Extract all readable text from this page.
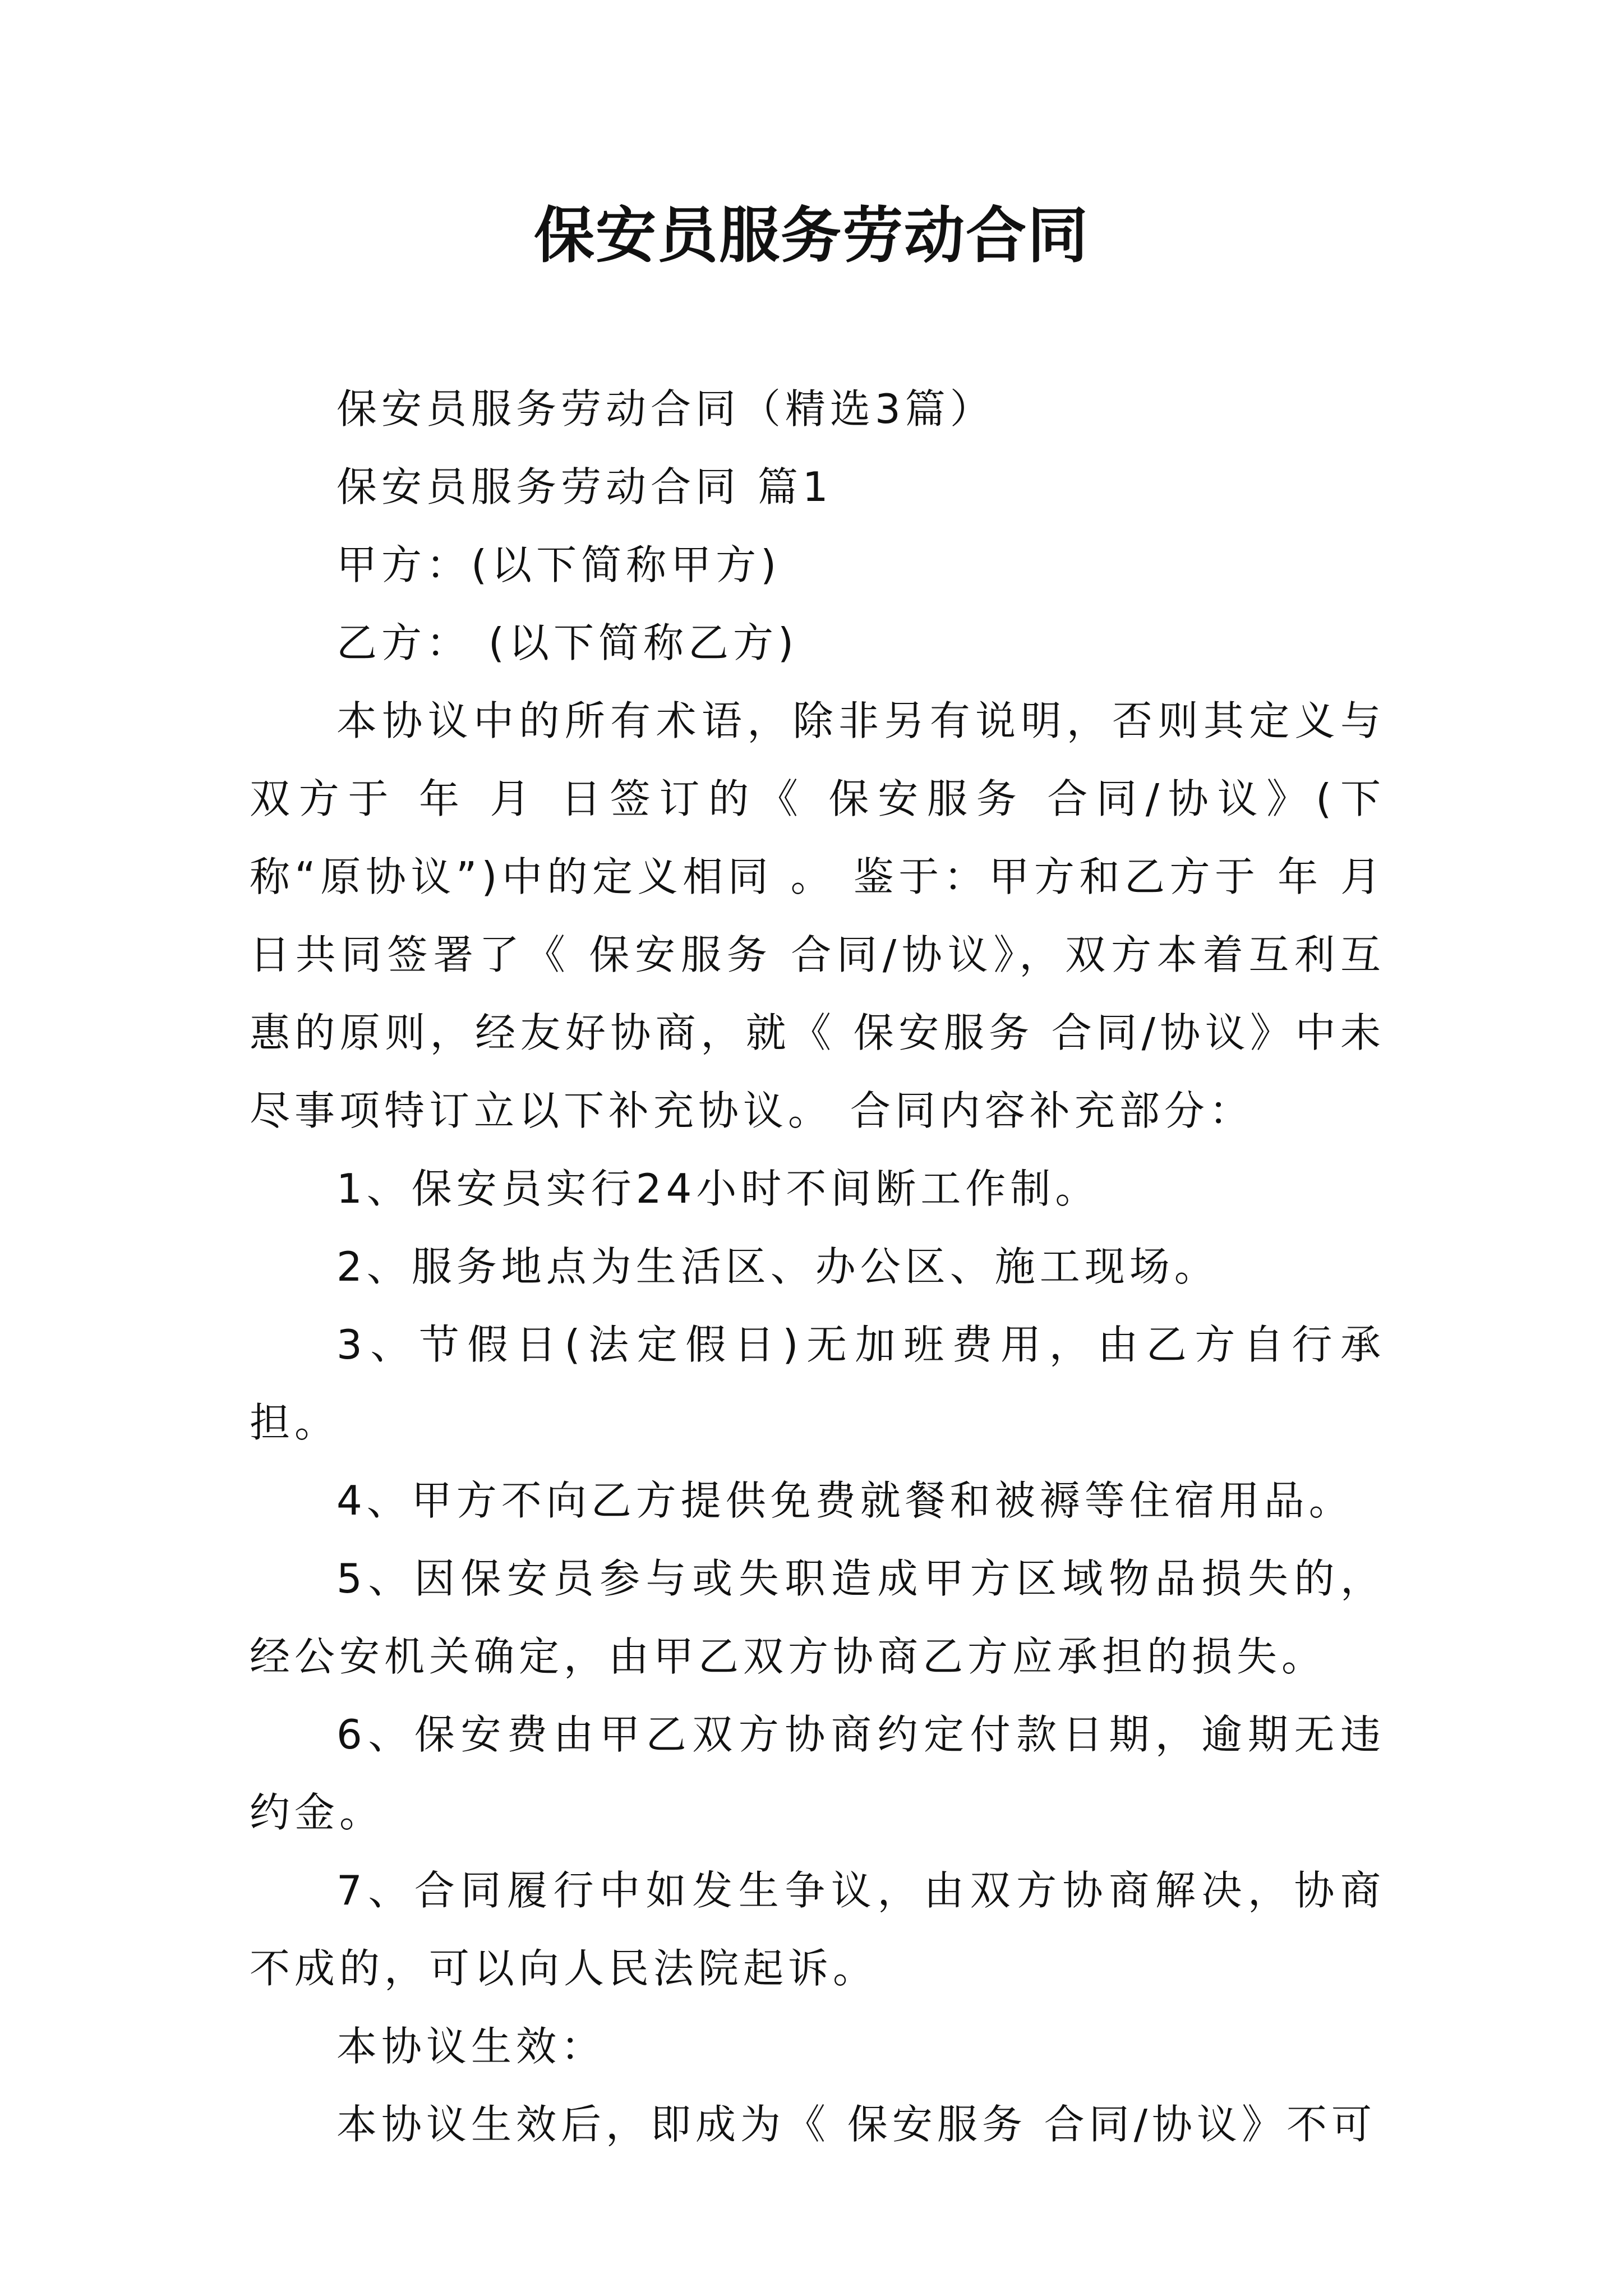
保安员服务劳动合同

保安员服务劳动合同（精选3篇）

保安员服务劳动合同 篇1

甲方：(以下简称甲方)

乙方： (以下简称乙方)

本协议中的所有术语，除非另有说明，否则其定义与双方于 年 月 日签订的《 保安服务 合同/协议》(下称“原协议”)中的定义相同 。 鉴于：甲方和乙方于 年 月 日共同签署了《 保安服务 合同/协议》，双方本着互利互惠的原则，经友好协商，就《 保安服务 合同/协议》中未尽事项特订立以下补充协议。 合同内容补充部分：

1、保安员实行24小时不间断工作制。

2、服务地点为生活区、办公区、施工现场。

3、节假日(法定假日)无加班费用，由乙方自行承担。

4、甲方不向乙方提供免费就餐和被褥等住宿用品。

5、因保安员参与或失职造成甲方区域物品损失的，经公安机关确定，由甲乙双方协商乙方应承担的损失。

6、保安费由甲乙双方协商约定付款日期，逾期无违约金。

7、合同履行中如发生争议，由双方协商解决，协商不成的，可以向人民法院起诉。

本协议生效：

本协议生效后，即成为《 保安服务 合同/协议》不可
